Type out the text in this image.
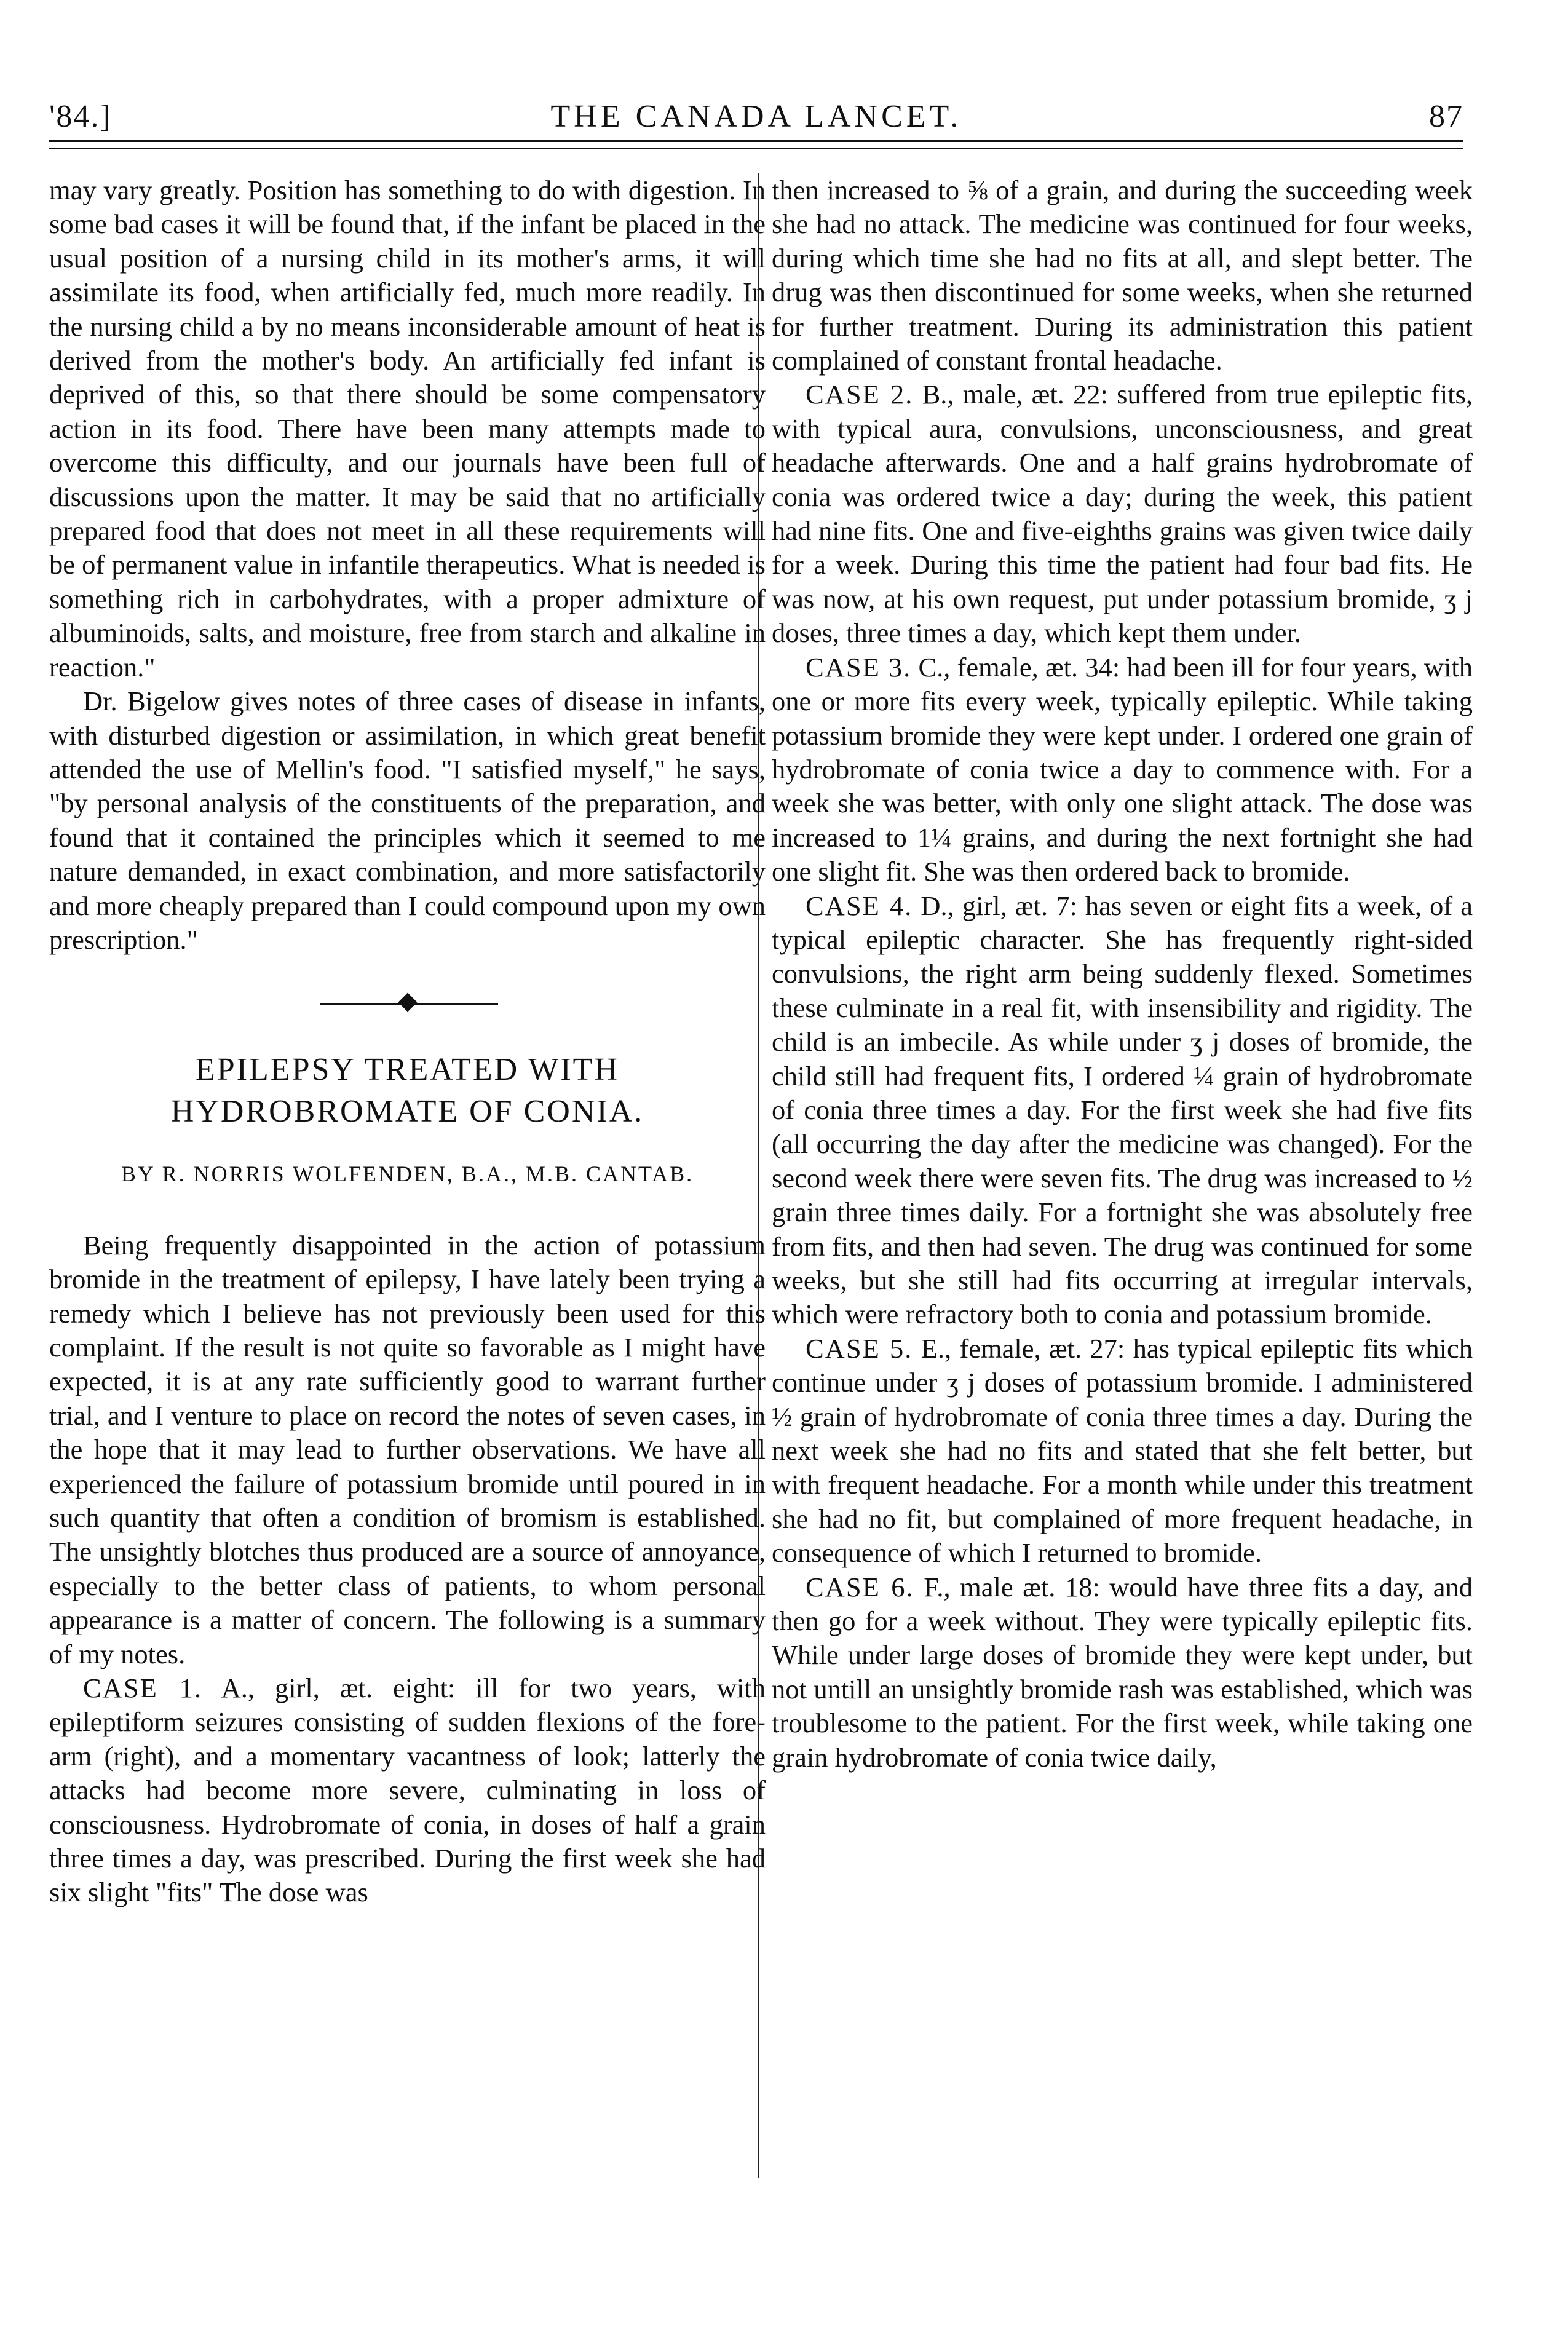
'84.]	THE CANADA LANCET.	87

may vary greatly. Position has something to do with digestion. In some bad cases it will be found that, if the infant be placed in the usual position of a nursing child in its mother's arms, it will assimilate its food, when artificially fed, much more readily. In the nursing child a by no means inconsiderable amount of heat is derived from the mother's body. An artificially fed infant is deprived of this, so that there should be some compensatory action in its food. There have been many attempts made to overcome this difficulty, and our journals have been full of discussions upon the matter. It may be said that no artificially prepared food that does not meet in all these requirements will be of permanent value in infantile therapeutics. What is needed is something rich in carbohydrates, with a proper admixture of albuminoids, salts, and moisture, free from starch and alkaline in reaction."

Dr. Bigelow gives notes of three cases of disease in infants, with disturbed digestion or assimilation, in which great benefit attended the use of Mellin's food. "I satisfied myself," he says, "by personal analysis of the constituents of the preparation, and found that it contained the principles which it seemed to me nature demanded, in exact combination, and more satisfactorily and more cheaply prepared than I could compound upon my own prescription."

EPILEPSY TREATED WITH HYDROBROMATE OF CONIA.
BY R. NORRIS WOLFENDEN, B.A., M.B. CANTAB.

Being frequently disappointed in the action of potassium bromide in the treatment of epilepsy, I have lately been trying a remedy which I believe has not previously been used for this complaint. If the result is not quite so favorable as I might have expected, it is at any rate sufficiently good to warrant further trial, and I venture to place on record the notes of seven cases, in the hope that it may lead to further observations. We have all experienced the failure of potassium bromide until poured in in such quantity that often a condition of bromism is established. The unsightly blotches thus produced are a source of annoyance, especially to the better class of patients, to whom personal appearance is a matter of concern. The following is a summary of my notes.

CASE 1. A., girl, æt. eight: ill for two years, with epileptiform seizures consisting of sudden flexions of the fore-arm (right), and a momentary vacantness of look; latterly the attacks had become more severe, culminating in loss of consciousness. Hydrobromate of conia, in doses of half a grain three times a day, was prescribed. During the first week she had six slight "fits" The dose was

then increased to ⅝ of a grain, and during the succeeding week she had no attack. The medicine was continued for four weeks, during which time she had no fits at all, and slept better. The drug was then discontinued for some weeks, when she returned for further treatment. During its administration this patient complained of constant frontal headache.

CASE 2. B., male, æt. 22: suffered from true epileptic fits, with typical aura, convulsions, unconsciousness, and great headache afterwards. One and a half grains hydrobromate of conia was ordered twice a day; during the week, this patient had nine fits. One and five-eighths grains was given twice daily for a week. During this time the patient had four bad fits. He was now, at his own request, put under potassium bromide, ʒ j doses, three times a day, which kept them under.

CASE 3. C., female, æt. 34: had been ill for four years, with one or more fits every week, typically epileptic. While taking potassium bromide they were kept under. I ordered one grain of hydrobromate of conia twice a day to commence with. For a week she was better, with only one slight attack. The dose was increased to 1¼ grains, and during the next fortnight she had one slight fit. She was then ordered back to bromide.

CASE 4. D., girl, æt. 7: has seven or eight fits a week, of a typical epileptic character. She has frequently right-sided convulsions, the right arm being suddenly flexed. Sometimes these culminate in a real fit, with insensibility and rigidity. The child is an imbecile. As while under ʒ j doses of bromide, the child still had frequent fits, I ordered ¼ grain of hydrobromate of conia three times a day. For the first week she had five fits (all occurring the day after the medicine was changed). For the second week there were seven fits. The drug was increased to ½ grain three times daily. For a fortnight she was absolutely free from fits, and then had seven. The drug was continued for some weeks, but she still had fits occurring at irregular intervals, which were refractory both to conia and potassium bromide.

CASE 5. E., female, æt. 27: has typical epileptic fits which continue under ʒ j doses of potassium bromide. I administered ½ grain of hydrobromate of conia three times a day. During the next week she had no fits and stated that she felt better, but with frequent headache. For a month while under this treatment she had no fit, but complained of more frequent headache, in consequence of which I returned to bromide.

CASE 6. F., male æt. 18: would have three fits a day, and then go for a week without. They were typically epileptic fits. While under large doses of bromide they were kept under, but not untill an unsightly bromide rash was established, which was troublesome to the patient. For the first week, while taking one grain hydrobromate of conia twice daily,
